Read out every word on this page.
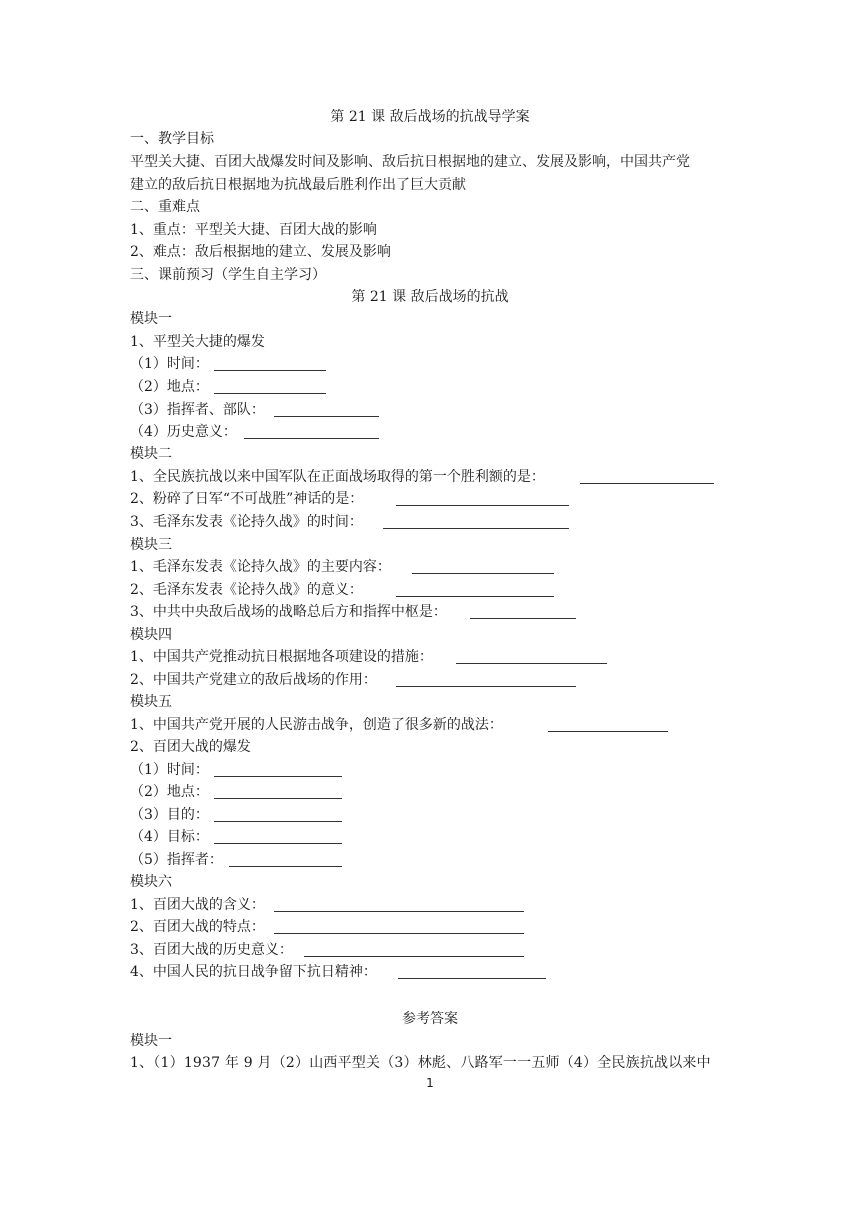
第 21 课 敌后战场的抗战导学案
一、教学目标
平型关大捷、百团大战爆发时间及影响、敌后抗日根据地的建立、发展及影响，中国共产党
建立的敌后抗日根据地为抗战最后胜利作出了巨大贡献
二、重难点
1、重点：平型关大捷、百团大战的影响
2、难点：敌后根据地的建立、发展及影响
三、课前预习（学生自主学习）
第 21 课 敌后战场的抗战
模块一
1、平型关大捷的爆发
（1）时间：
（2）地点：
（3）指挥者、部队：
（4）历史意义：
模块二
1、全民族抗战以来中国军队在正面战场取得的第一个胜利额的是：
2、粉碎了日军“不可战胜”神话的是：
3、毛泽东发表《论持久战》的时间：
模块三
1、毛泽东发表《论持久战》的主要内容：
2、毛泽东发表《论持久战》的意义：
3、中共中央敌后战场的战略总后方和指挥中枢是：
模块四
1、中国共产党推动抗日根据地各项建设的措施：
2、中国共产党建立的敌后战场的作用：
模块五
1、中国共产党开展的人民游击战争，创造了很多新的战法：
2、百团大战的爆发
（1）时间：
（2）地点：
（3）目的：
（4）目标：
（5）指挥者：
模块六
1、百团大战的含义：
2、百团大战的特点：
3、百团大战的历史意义：
4、中国人民的抗日战争留下抗日精神：
参考答案
模块一
1、（1）1937 年 9 月（2）山西平型关（3）林彪、八路军一一五师（4）全民族抗战以来中
1
